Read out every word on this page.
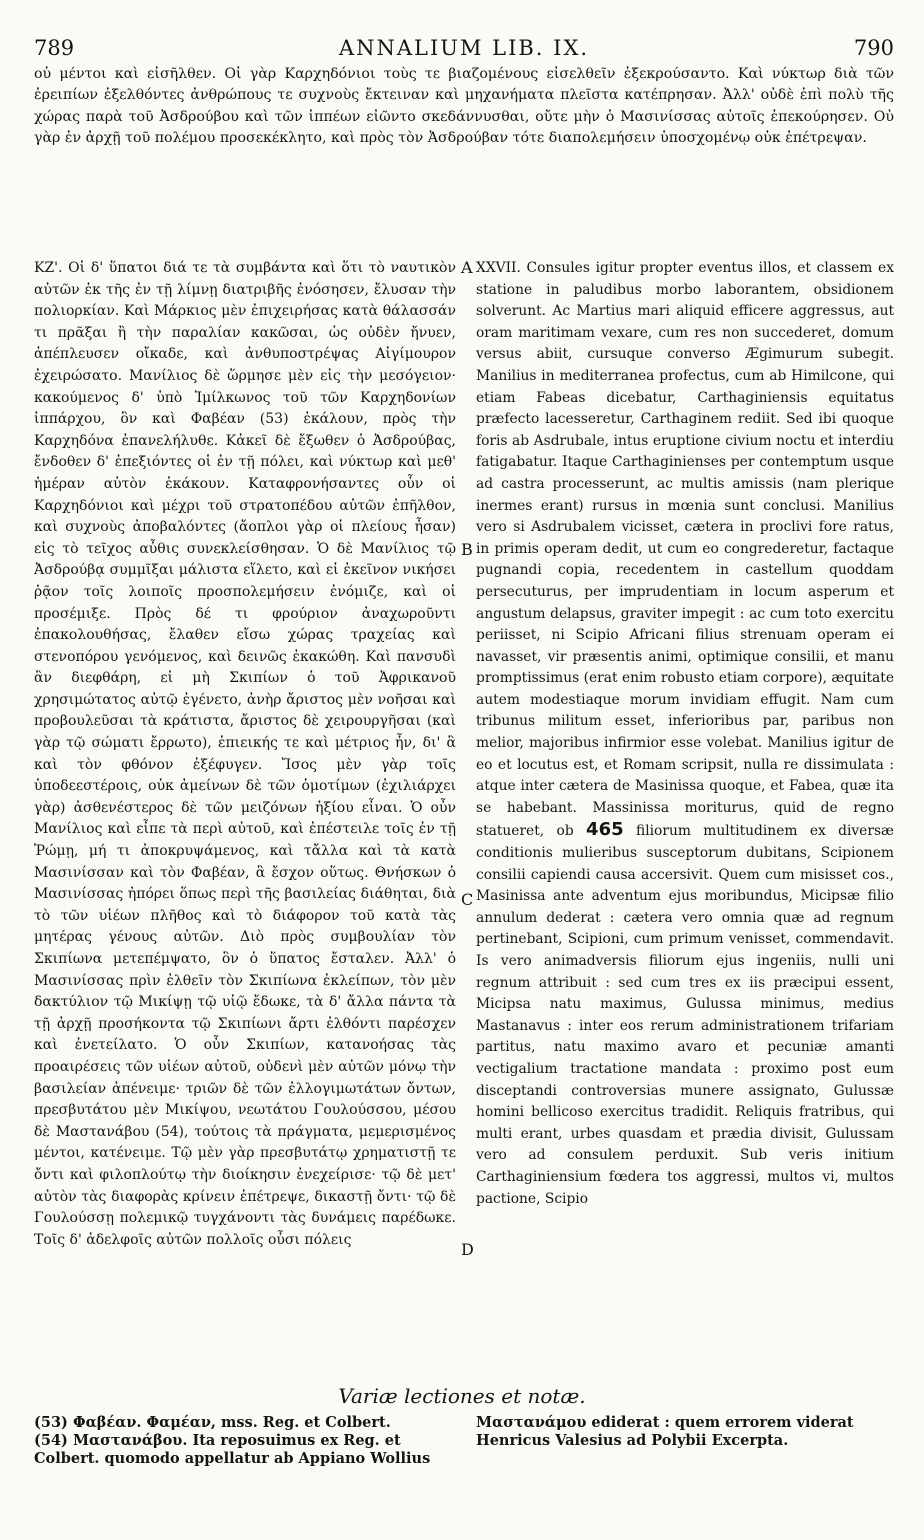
789	ANNALIUM LIB. IX.	790

οὐ μέντοι καὶ εἰσῆλθεν. Οἱ γὰρ Καρχηδόνιοι τοὺς τε βιαζομένους εἰσελθεῖν ἐξεκρούσαντο. Καὶ νύκτωρ διὰ τῶν ἐρειπίων ἐξελθόντες ἀνθρώπους τε συχνοὺς ἔκτειναν καὶ μηχανήματα πλεῖστα κατέπρησαν. Ἀλλ' οὐδὲ ἐπὶ πολὺ τῆς χώρας παρὰ τοῦ Ἀσδρούβου καὶ τῶν ἱππέων εἰῶντο σκεδάννυσθαι, οὔτε μὴν ὁ Μασινίσσας αὐτοῖς ἐπεκούρησεν. Οὐ γὰρ ἐν ἀρχῇ τοῦ πολέμου προσεκέκλητο, καὶ πρὸς τὸν Ἀσδρούβαν τότε διαπολεμήσειν ὑποσχομένῳ οὐκ ἐπέτρεψαν.

ΚΖ'. Οἱ δ' ὕπατοι διά τε τὰ συμβάντα καὶ ὅτι τὸ ναυτικὸν αὐτῶν ἐκ τῆς ἐν τῇ λίμνῃ διατριβῆς ἐνόσησεν, ἔλυσαν τὴν πολιορκίαν. Καὶ Μάρκιος μὲν ἐπιχειρήσας κατὰ θάλασσάν τι πρᾶξαι ἢ τὴν παραλίαν κακῶσαι, ὡς οὐδὲν ἤνυεν, ἀπέπλευσεν οἴκαδε, καὶ ἀνθυποστρέψας Αἰγίμουρον ἐχειρώσατο. Μανίλιος δὲ ὥρμησε μὲν εἰς τὴν μεσόγειον· κακούμενος δ' ὑπὸ Ἰμίλκωνος τοῦ τῶν Καρχηδονίων ἱππάρχου, ὃν καὶ Φαβέαν (53) ἐκάλουν, πρὸς τὴν Καρχηδόνα ἐπανελήλυθε. Κἀκεῖ δὲ ἔξωθεν ὁ Ἀσδρούβας, ἔνδοθεν δ' ἐπεξιόντες οἱ ἐν τῇ πόλει, καὶ νύκτωρ καὶ μεθ' ἡμέραν αὐτὸν ἐκάκουν. Καταφρονήσαντες οὖν οἱ Καρχηδόνιοι καὶ μέχρι τοῦ στρατοπέδου αὐτῶν ἐπῆλθον, καὶ συχνοὺς ἀποβαλόντες (ἄοπλοι γὰρ οἱ πλείους ἦσαν) εἰς τὸ τεῖχος αὖθις συνεκλείσθησαν. Ὁ δὲ Μανίλιος τῷ Ἀσδρούβᾳ συμμῖξαι μάλιστα εἵλετο, καὶ εἰ ἐκεῖνον νικήσει ῥᾷον τοῖς λοιποῖς προσπολεμήσειν ἐνόμιζε, καὶ οἱ προσέμιξε. Πρὸς δέ τι φρούριον ἀναχωροῦντι ἐπακολουθήσας, ἔλαθεν εἴσω χώρας τραχείας καὶ στενοπόρου γενόμενος, καὶ δεινῶς ἐκακώθη. Καὶ πανσυδὶ ἂν διεφθάρη, εἰ μὴ Σκιπίων ὁ τοῦ Ἀφρικανοῦ χρησιμώτατος αὐτῷ ἐγένετο, ἀνὴρ ἄριστος μὲν νοῆσαι καὶ προβουλεῦσαι τὰ κράτιστα, ἄριστος δὲ χειρουργῆσαι (καὶ γὰρ τῷ σώματι ἔρρωτο), ἐπιεικής τε καὶ μέτριος ἦν, δι' ἃ καὶ τὸν φθόνον ἐξέφυγεν. Ἴσος μὲν γὰρ τοῖς ὑποδεεστέροις, οὐκ ἀμείνων δὲ τῶν ὁμοτίμων (ἐχιλιάρχει γὰρ) ἀσθενέστερος δὲ τῶν μειζόνων ἠξίου εἶναι. Ὁ οὖν Μανίλιος καὶ εἶπε τὰ περὶ αὐτοῦ, καὶ ἐπέστειλε τοῖς ἐν τῇ Ῥώμῃ, μή τι ἀποκρυψάμενος, καὶ τἄλλα καὶ τὰ κατὰ Μασινίσσαν καὶ τὸν Φαβέαν, ἃ ἔσχον οὕτως. Θνήσκων ὁ Μασινίσσας ἠπόρει ὅπως περὶ τῆς βασιλείας διάθηται, διὰ τὸ τῶν υἱέων πλῆθος καὶ τὸ διάφορον τοῦ κατὰ τὰς μητέρας γένους αὐτῶν. Διὸ πρὸς συμβουλίαν τὸν Σκιπίωνα μετεπέμψατο, ὃν ὁ ὕπατος ἔσταλεν. Ἀλλ' ὁ Μασινίσσας πρὶν ἐλθεῖν τὸν Σκιπίωνα ἐκλείπων, τὸν μὲν δακτύλιον τῷ Μικίψῃ τῷ υἱῷ ἔδωκε, τὰ δ' ἄλλα πάντα τὰ τῇ ἀρχῇ προσήκοντα τῷ Σκιπίωνι ἄρτι ἐλθόντι παρέσχεν καὶ ἐνετείλατο. Ὁ οὖν Σκιπίων, κατανοήσας τὰς προαιρέσεις τῶν υἱέων αὐτοῦ, οὐδενὶ μὲν αὐτῶν μόνῳ τὴν βασιλείαν ἀπένειμε· τριῶν δὲ τῶν ἐλλογιμωτάτων ὄντων, πρεσβυτάτου μὲν Μικίψου, νεωτάτου Γουλούσσου, μέσου δὲ Μαστανάβου (54), τούτοις τὰ πράγματα, μεμερισμένος μέντοι, κατένειμε. Τῷ μὲν γὰρ πρεσβυτάτῳ χρηματιστῇ τε ὄντι καὶ φιλοπλούτῳ τὴν διοίκησιν ἐνεχείρισε· τῷ δὲ μετ' αὐτὸν τὰς διαφορὰς κρίνειν ἐπέτρεψε, δικαστῇ ὄντι· τῷ δὲ Γουλούσσῃ πολεμικῷ τυγχάνοντι τὰς δυνάμεις παρέδωκε. Τοῖς δ' ἀδελφοῖς αὐτῶν πολλοῖς οὖσι πόλεις

A
B
C
D

XXVII. Consules igitur propter eventus illos, et classem ex statione in paludibus morbo laborantem, obsidionem solverunt. Ac Martius mari aliquid efficere aggressus, aut oram maritimam vexare, cum res non succederet, domum versus abiit, cursuque converso Ægimurum subegit. Manilius in mediterranea profectus, cum ab Himilcone, qui etiam Fabeas dicebatur, Carthaginiensis equitatus præfecto lacesseretur, Carthaginem rediit. Sed ibi quoque foris ab Asdrubale, intus eruptione civium noctu et interdiu fatigabatur. Itaque Carthaginienses per contemptum usque ad castra processerunt, ac multis amissis (nam plerique inermes erant) rursus in mœnia sunt conclusi. Manilius vero si Asdrubalem vicisset, cætera in proclivi fore ratus, in primis operam dedit, ut cum eo congrederetur, factaque pugnandi copia, recedentem in castellum quoddam persecuturus, per imprudentiam in locum asperum et angustum delapsus, graviter impegit : ac cum toto exercitu periisset, ni Scipio Africani filius strenuam operam ei navasset, vir præsentis animi, optimique consilii, et manu promptissimus (erat enim robusto etiam corpore), æquitate autem modestiaque morum invidiam effugit. Nam cum tribunus militum esset, inferioribus par, paribus non melior, majoribus infirmior esse volebat. Manilius igitur de eo et locutus est, et Romam scripsit, nulla re dissimulata : atque inter cætera de Masinissa quoque, et Fabea, quæ ita se habebant. Massinissa moriturus, quid de regno statueret, ob 465 filiorum multitudinem ex diversæ conditionis mulieribus susceptorum dubitans, Scipionem consilii capiendi causa accersivit. Quem cum misisset cos., Masinissa ante adventum ejus moribundus, Micipsæ filio annulum dederat : cætera vero omnia quæ ad regnum pertinebant, Scipioni, cum primum venisset, commendavit. Is vero animadversis filiorum ejus ingeniis, nulli uni regnum attribuit : sed cum tres ex iis præcipui essent, Micipsa natu maximus, Gulussa minimus, medius Mastanavus : inter eos rerum administrationem trifariam partitus, natu maximo avaro et pecuniæ amanti vectigalium tractatione mandata : proximo post eum disceptandi controversias munere assignato, Gulussæ homini bellicoso exercitus tradidit. Reliquis fratribus, qui multi erant, urbes quasdam et prædia divisit, Gulussam vero ad consulem perduxit. Sub veris initium Carthaginiensium fœdera tos aggressi, multos vi, multos pactione, Scipio

Variæ lectiones et notæ.

(53) Φαβέαν. Φαμέαν, mss. Reg. et Colbert.

(54) Μαστανάβου. Ita reposuimus ex Reg. et Colbert. quomodo appellatur ab Appiano Wollius

Μαστανάμου ediderat : quem errorem viderat Henricus Valesius ad Polybii Excerpta.
